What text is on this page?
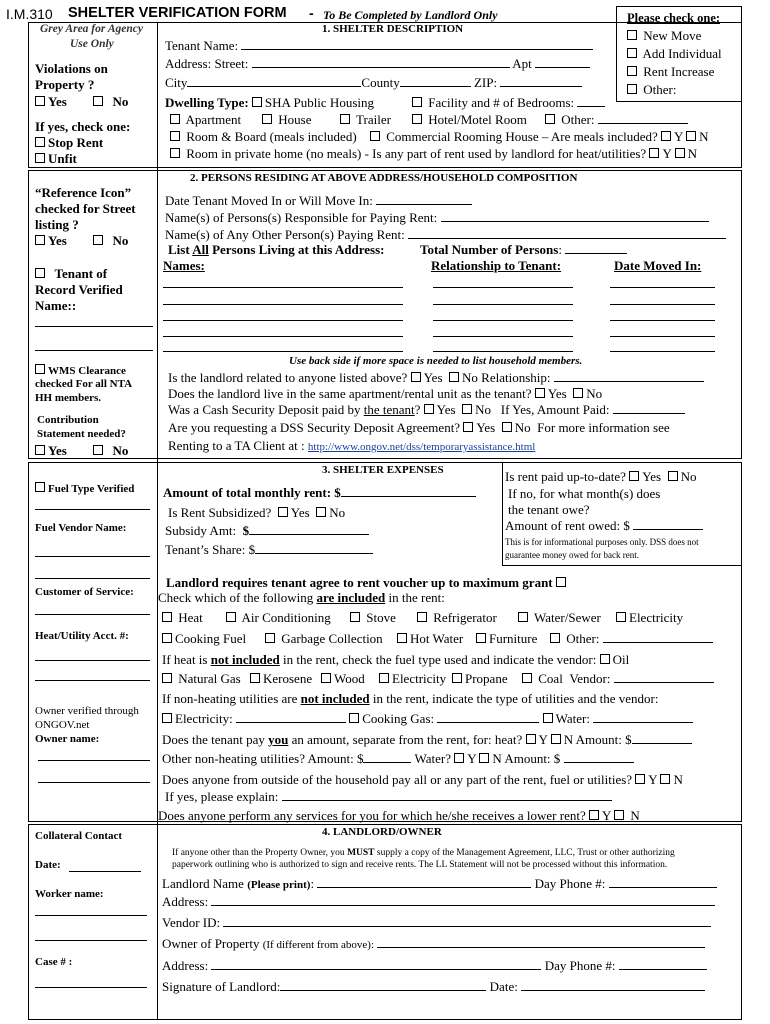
I.M.310 SHELTER VERIFICATION FORM - To Be Completed by Landlord Only	Please check one:
New Move
Add Individual
Rent Increase
Other:
Grey Area for Agency
Use Only
Violations on
Property ?
Yes	No
If yes, check one:
Stop Rent
Unfit
“Reference Icon”
checked for Street
listing ?
Yes	No
Tenant of
Record Verified
Name::
WMS Clearance
checked For all NTA
HH members.
Contribution
Statement needed?
Yes	No
Fuel Type Verified
Fuel Vendor Name:
Customer of Service:
Heat/Utility Acct. #:
Owner verified through
ONGOV.net
Owner name:
Collateral Contact
Date:
Worker name:
Case # :
1. SHELTER DESCRIPTION
Tenant Name:
Address: Street:	Apt
City	County	ZIP:
Dwelling Type: SHA Public Housing	Facility and # of Bedrooms:
Apartment	House	Trailer	Hotel/Motel Room	Other:
Room & Board (meals included)	Commercial Rooming House – Are meals included? Y N
Room in private home (no meals) - Is any part of rent used by landlord for heat/utilities? Y N
2. PERSONS RESIDING AT ABOVE ADDRESS/HOUSEHOLD COMPOSITION
Date Tenant Moved In or Will Move In:
Name(s) of Persons(s) Responsible for Paying Rent:
Name(s) of Any Other Person(s) Paying Rent:
List All Persons Living at this Address:	Total Number of Persons:
Names:	Relationship to Tenant:	Date Moved In:
Use back side if more space is needed to list household members.
Is the landlord related to anyone listed above? Yes No Relationship:
Does the landlord live in the same apartment/rental unit as the tenant? Yes No
Was a Cash Security Deposit paid by the tenant? Yes No If Yes, Amount Paid:
Are you requesting a DSS Security Deposit Agreement? Yes No For more information see
Renting to a TA Client at : http://www.ongov.net/dss/temporaryassistance.html
3. SHELTER EXPENSES
Amount of total monthly rent: $
Is Rent Subsidized? Yes No
Subsidy Amt: $
Tenant’s Share: $
Is rent paid up-to-date? Yes No
If no, for what month(s) does
the tenant owe?
Amount of rent owed: $
This is for informational purposes only. DSS does not
guarantee money owed for back rent.
Landlord requires tenant agree to rent voucher up to maximum grant
Check which of the following are included in the rent:
Heat	Air Conditioning	Stove	Refrigerator	Water/Sewer	Electricity
Cooking Fuel	Garbage Collection	Hot Water	Furniture	Other:
If heat is not included in the rent, check the fuel type used and indicate the vendor: Oil
Natural Gas	Kerosene	Wood	Electricity	Propane	Coal Vendor:
If non-heating utilities are not included in the rent, indicate the type of utilities and the vendor:
Electricity:	Cooking Gas:	Water:
Does the tenant pay you an amount, separate from the rent, for: heat? Y N Amount: $
Other non-heating utilities? Amount: $	Water? Y N Amount: $
Does anyone from outside of the household pay all or any part of the rent, fuel or utilities? Y N
If yes, please explain:
Does anyone perform any services for you for which he/she receives a lower rent? Y N
4. LANDLORD/OWNER
If anyone other than the Property Owner, you MUST supply a copy of the Management Agreement, LLC, Trust or other authorizing
paperwork outlining who is authorized to sign and receive rents. The LL Statement will not be processed without this information.
Landlord Name (Please print):	Day Phone #:
Address:
Vendor ID:
Owner of Property (If different from above):
Address:	Day Phone #:
Signature of Landlord:	Date:
